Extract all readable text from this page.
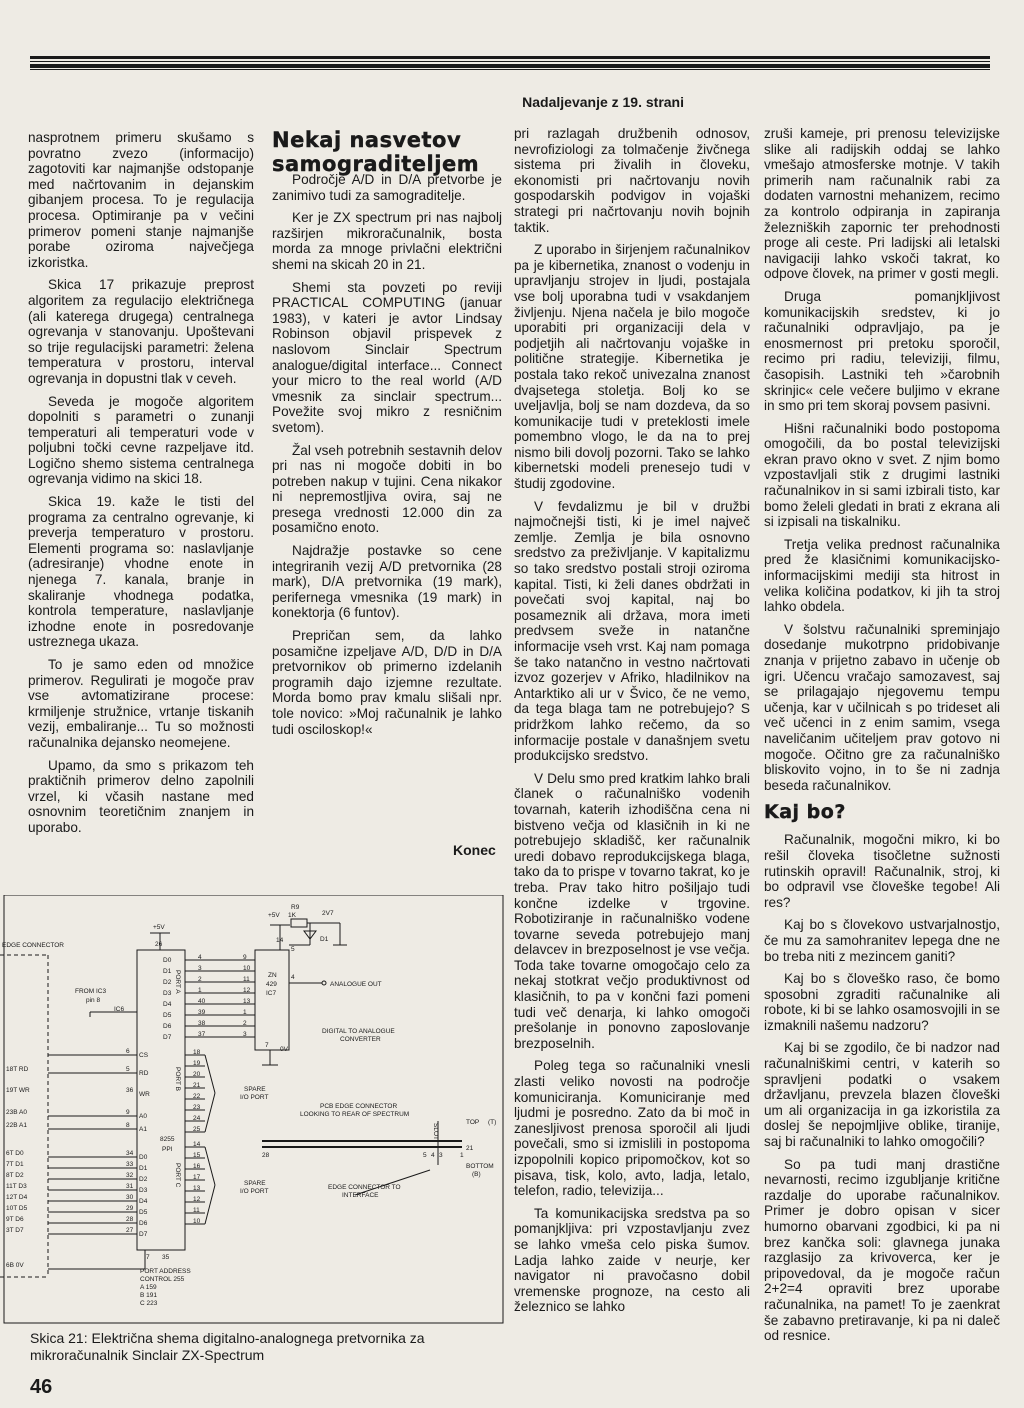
Nadaljevanje z 19. strani

nasprotnem primeru skušamo s povratno zvezo (informacijo) zagotoviti kar najmanjše odstopanje med načrtovanim in dejanskim gibanjem procesa. To je regulacija procesa. Optimiranje pa v večini primerov pomeni stanje najmanjše porabe oziroma največjega izkoristka.

Skica 17 prikazuje preprost algoritem za regulacijo električnega (ali katerega drugega) centralnega ogrevanja v stanovanju. Upoštevani so trije regulacijski parametri: želena temperatura v prostoru, interval ogrevanja in dopustni tlak v ceveh.

Seveda je mogoče algoritem dopolniti s parametri o zunanji temperaturi ali temperaturi vode v poljubni točki cevne razpeljave itd. Logično shemo sistema centralnega ogrevanja vidimo na skici 18.

Skica 19. kaže le tisti del programa za centralno ogrevanje, ki preverja temperaturo v prostoru. Elementi programa so: naslavljanje (adresiranje) vhodne enote in njenega 7. kanala, branje in skaliranje vhodnega podatka, kontrola temperature, naslavljanje izhodne enote in posredovanje ustreznega ukaza.

To je samo eden od množice primerov. Regulirati je mogoče prav vse avtomatizirane procese: krmiljenje stružnice, vrtanje tiskanih vezij, embaliranje... Tu so možnosti računalnika dejansko neomejene.

Upamo, da smo s prikazom teh praktičnih primerov delno zapolnili vrzel, ki včasih nastane med osnovnim teoretičnim znanjem in uporabo.

Nekaj nasvetov samograditeljem

Področje A/D in D/A pretvorbe je zanimivo tudi za samograditelje.

Ker je ZX spectrum pri nas najbolj razširjen mikroračunalnik, bosta morda za mnoge privlačni električni shemi na skicah 20 in 21.

Shemi sta povzeti po reviji PRACTICAL COMPUTING (januar 1983), v kateri je avtor Lindsay Robinson objavil prispevek z naslovom Sinclair Spectrum analogue/digital interface... Connect your micro to the real world (A/D vmesnik za sinclair spectrum... Povežite svoj mikro z resničnim svetom).

Žal vseh potrebnih sestavnih delov pri nas ni mogoče dobiti in bo potreben nakup v tujini. Cena nikakor ni nepremostljiva ovira, saj ne presega vrednosti 12.000 din za posamično enoto.

Najdražje postavke so cene integriranih vezij A/D pretvornika (28 mark), D/A pretvornika (19 mark), perifernega vmesnika (19 mark) in konektorja (6 funtov).

Prepričan sem, da lahko posamične izpeljave A/D, D/D in D/A pretvornikov ob primerno izdelanih programih dajo izjemne rezultate. Morda bomo prav kmalu slišali npr. tole novico: »Moj računalnik je lahko tudi osciloskop!«

Konec

pri razlagah družbenih odnosov, nevrofiziologi za tolmačenje živčnega sistema pri živalih in človeku, ekonomisti pri načrtovanju novih gospodarskih podvigov in vojaški strategi pri načrtovanju novih bojnih taktik.

Z uporabo in širjenjem računalnikov pa je kibernetika, znanost o vodenju in upravljanju strojev in ljudi, postajala vse bolj uporabna tudi v vsakdanjem življenju. Njena načela je bilo mogoče uporabiti pri organizaciji dela v podjetjih ali načrtovanju vojaške in politične strategije. Kibernetika je postala tako rekoč univezalna znanost dvajsetega stoletja. Bolj ko se uveljavlja, bolj se nam dozdeva, da so komunikacije tudi v preteklosti imele pomembno vlogo, le da na to prej nismo bili dovolj pozorni. Tako se lahko kibernetski modeli prenesejo tudi v študij zgodovine.

V fevdalizmu je bil v družbi najmočnejši tisti, ki je imel največ zemlje. Zemlja je bila osnovno sredstvo za preživljanje. V kapitalizmu so tako sredstvo postali stroji oziroma kapital. Tisti, ki želi danes obdržati in povečati svoj kapital, naj bo posameznik ali država, mora imeti predvsem sveže in natančne informacije vseh vrst. Kaj nam pomaga še tako natančno in vestno načrtovati izvoz gozerjev v Afriko, hladilnikov na Antarktiko ali ur v Švico, če ne vemo, da tega blaga tam ne potrebujejo? S pridržkom lahko rečemo, da so informacije postale v današnjem svetu produkcijsko sredstvo.

V Delu smo pred kratkim lahko brali članek o računalniško vodenih tovarnah, katerih izhodiščna cena ni bistveno večja od klasičnih in ki ne potrebujejo skladišč, ker računalnik uredi dobavo reprodukcijskega blaga, tako da to prispe v tovarno takrat, ko je treba. Prav tako hitro pošiljajo tudi končne izdelke v trgovine. Robotiziranje in računalniško vodene tovarne seveda potrebujejo manj delavcev in brezposelnost je vse večja. Toda take tovarne omogočajo celo za nekaj stotkrat večjo produktivnost od klasičnih, to pa v končni fazi pomeni tudi več denarja, ki lahko omogoči prešolanje in ponovno zaposlovanje brezposelnih.

Poleg tega so računalniki vnesli zlasti veliko novosti na področje komuniciranja. Komuniciranje med ljudmi je posredno. Zato da bi moč in zanesljivost prenosa sporočil ali ljudi povečali, smo si izmislili in postopoma izpopolnili kopico pripomočkov, kot so pisava, tisk, kolo, avto, ladja, letalo, telefon, radio, televizija...

Ta komunikacijska sredstva pa so pomanjkljiva: pri vzpostavljanju zvez se lahko vmeša celo piska šumov. Ladja lahko zaide v neurje, ker navigator ni pravočasno dobil vremenske prognoze, na cesto ali železnico se lahko

zruši kameje, pri prenosu televizijske slike ali radijskih oddaj se lahko vmešajo atmosferske motnje. V takih primerih nam računalnik rabi za dodaten varnostni mehanizem, recimo za kontrolo odpiranja in zapiranja železniških zapornic ter prehodnosti proge ali ceste. Pri ladijski ali letalski navigaciji lahko vskoči takrat, ko odpove človek, na primer v gosti megli.

Druga pomanjkljivost komunikacijskih sredstev, ki jo računalniki odpravljajo, pa je enosmernost pri pretoku sporočil, recimo pri radiu, televiziji, filmu, časopisih. Lastniki teh »čarobnih skrinjic« cele večere buljimo v ekrane in smo pri tem skoraj povsem pasivni.

Hišni računalniki bodo postopoma omogočili, da bo postal televizijski ekran pravo okno v svet. Z njim bomo vzpostavljali stik z drugimi lastniki računalnikov in si sami izbirali tisto, kar bomo želeli gledati in brati z ekrana ali si izpisali na tiskalniku.

Tretja velika prednost računalnika pred že klasičnimi komunikacijsko-informacijskimi mediji sta hitrost in velika količina podatkov, ki jih ta stroj lahko obdela.

V šolstvu računalniki spreminjajo dosedanje mukotrpno pridobivanje znanja v prijetno zabavo in učenje ob igri. Učencu vračajo samozavest, saj se prilagajajo njegovemu tempu učenja, kar v učilnicah s po trideset ali več učenci in z enim samim, vsega naveličanim učiteljem prav gotovo ni mogoče. Očitno gre za računalniško bliskovito vojno, in to še ni zadnja beseda računalnikov.

Kaj bo?

Računalnik, mogočni mikro, ki bo rešil človeka tisočletne sužnosti rutinskih opravil! Računalnik, stroj, ki bo odpravil vse človeške tegobe! Ali res?

Kaj bo s človekovo ustvarjalnostjo, če mu za samohranitev lepega dne ne bo treba niti z mezincem ganiti?

Kaj bo s človeško raso, če bomo sposobni zgraditi računalnike ali robote, ki bi se lahko osamosvojili in se izmaknili našemu nadzoru?

Kaj bi se zgodilo, če bi nadzor nad računalniškimi centri, v katerih so spravljeni podatki o vsakem državljanu, prevzela blazen človeški um ali organizacija in ga izkoristila za doslej še nepojmljive oblike, tiranije, saj bi računalniki to lahko omogočili?

So pa tudi manj drastične nevarnosti, recimo izgubljanje kritične razdalje do uporabe računalnikov. Primer je dobro opisan v sicer humorno obarvani zgodbici, ki pa ni brez kančka soli: glavnega junaka razglasijo za krivoverca, ker je pripovedoval, da je mogoče račun 2+2=4 opraviti brez uporabe računalnika, na pamet! To je zaenkrat še zabavno pretiravanje, ki pa ni daleč od resnice.

EDGE CONNECTOR
FROM IC3
pin 8
IC6
+5V
26
8255
PPI
PORT A
PORT B
PORT C
7 35
R9
1K	2V7
D1
+5V
14
ZN
429
IC7
5
4
7
0V
ANALOGUE OUT
DIGITAL TO ANALOGUE
CONVERTER
SPARE
I/O PORT
SPARE
I/O PORT
PCB EDGE CONNECTOR
LOOKING TO REAR OF SPECTRUM
SLOT
TOP (T)
BOTTOM
(B)
28	1
5 4 3
21
EDGE CONNECTOR TO
INTERFACE
PORT ADDRESS
CONTROL 255
A 159
B 191
C 223
6
5
36
9
8
34
33
32
31
30
29
28
27
CS
RD
WR
A0
A1
D0
D1
D2
D3
D4
D5
D6
D7
18T RD
19T WR
23B A0
22B A1
6T D0
7T D1
8T D2
11T D3
12T D4
10T D5
9T D6
3T D7
6B 0V
4
3
2
1
40
39
38
37
D0
D1
D2
D3
D4
D5
D6
D7
18
19
20
21
22
23
24
25
14
15
16
17
13
12
11
10
9
10
11
12
13
1
2
3
Skica 21: Električna shema digitalno-analognega pretvornika za mikroračunalnik Sinclair ZX-Spectrum
46
